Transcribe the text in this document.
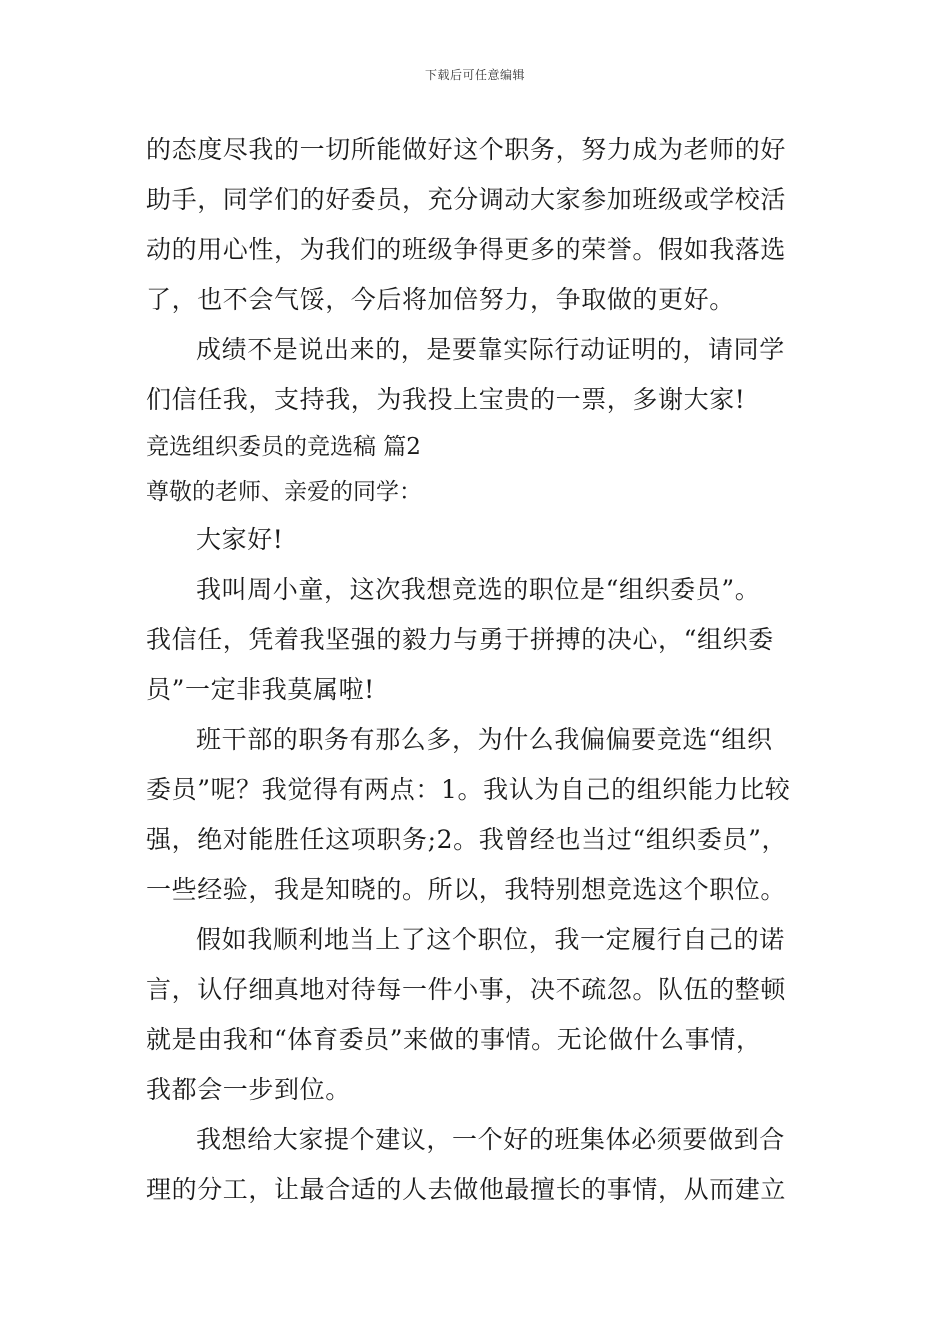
下载后可任意编辑
的态度尽我的一切所能做好这个职务，努力成为老师的好
助手，同学们的好委员，充分调动大家参加班级或学校活
动的用心性，为我们的班级争得更多的荣誉。假如我落选
了，也不会气馁，今后将加倍努力，争取做的更好。
成绩不是说出来的，是要靠实际行动证明的，请同学
们信任我，支持我，为我投上宝贵的一票，多谢大家!
竞选组织委员的竞选稿 篇2
尊敬的老师、亲爱的同学：
大家好!
我叫周小童，这次我想竞选的职位是“组织委员”。
我信任，凭着我坚强的毅力与勇于拼搏的决心，“组织委
员”一定非我莫属啦!
班干部的职务有那么多，为什么我偏偏要竞选“组织
委员”呢？我觉得有两点：1。我认为自己的组织能力比较
强，绝对能胜任这项职务;2。我曾经也当过“组织委员”，
一些经验，我是知晓的。所以，我特别想竞选这个职位。
假如我顺利地当上了这个职位，我一定履行自己的诺
言，认仔细真地对待每一件小事，决不疏忽。队伍的整顿
就是由我和“体育委员”来做的事情。无论做什么事情，
我都会一步到位。
我想给大家提个建议，一个好的班集体必须要做到合
理的分工，让最合适的人去做他最擅长的事情，从而建立
